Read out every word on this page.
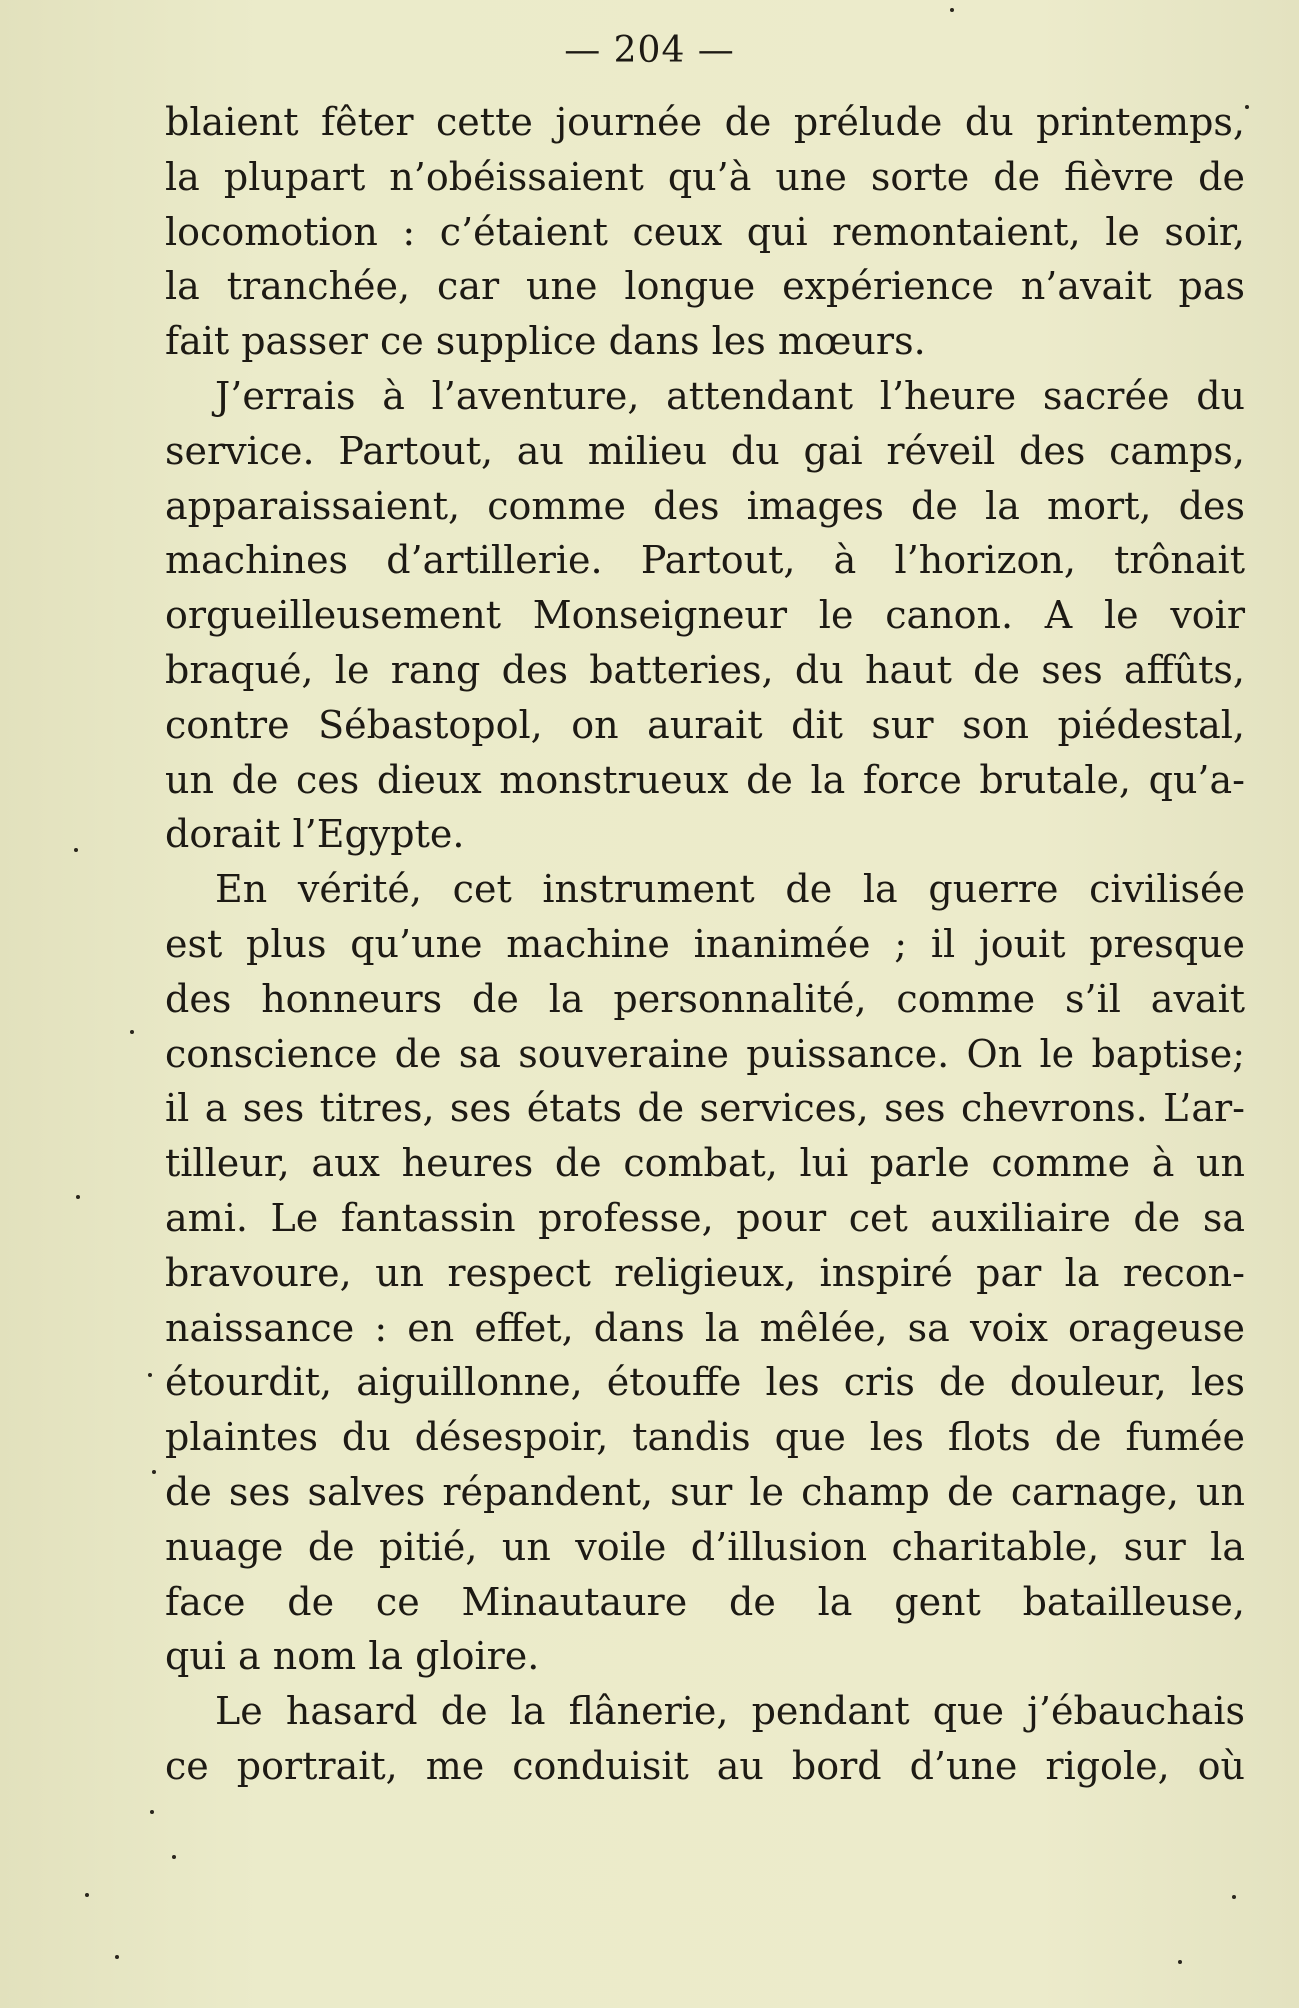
— 204 —
blaient fêter cette journée de prélude du printemps,
la plupart n’obéissaient qu’à une sorte de fièvre de
locomotion : c’étaient ceux qui remontaient, le soir,
la tranchée, car une longue expérience n’avait pas
fait passer ce supplice dans les mœurs.
J’errais à l’aventure, attendant l’heure sacrée du
service. Partout, au milieu du gai réveil des camps,
apparaissaient, comme des images de la mort, des
machines d’artillerie. Partout, à l’horizon, trônait
orgueilleusement Monseigneur le canon. A le voir
braqué, le rang des batteries, du haut de ses affûts,
contre Sébastopol, on aurait dit sur son piédestal,
un de ces dieux monstrueux de la force brutale, qu’a-
dorait l’Egypte.
En vérité, cet instrument de la guerre civilisée
est plus qu’une machine inanimée ; il jouit presque
des honneurs de la personnalité, comme s’il avait
conscience de sa souveraine puissance. On le baptise;
il a ses titres, ses états de services, ses chevrons. L’ar-
tilleur, aux heures de combat, lui parle comme à un
ami. Le fantassin professe, pour cet auxiliaire de sa
bravoure, un respect religieux, inspiré par la recon-
naissance : en effet, dans la mêlée, sa voix orageuse
étourdit, aiguillonne, étouffe les cris de douleur, les
plaintes du désespoir, tandis que les flots de fumée
de ses salves répandent, sur le champ de carnage, un
nuage de pitié, un voile d’illusion charitable, sur la
face de ce Minautaure de la gent batailleuse,
qui a nom la gloire.
Le hasard de la flânerie, pendant que j’ébauchais
ce portrait, me conduisit au bord d’une rigole, où
